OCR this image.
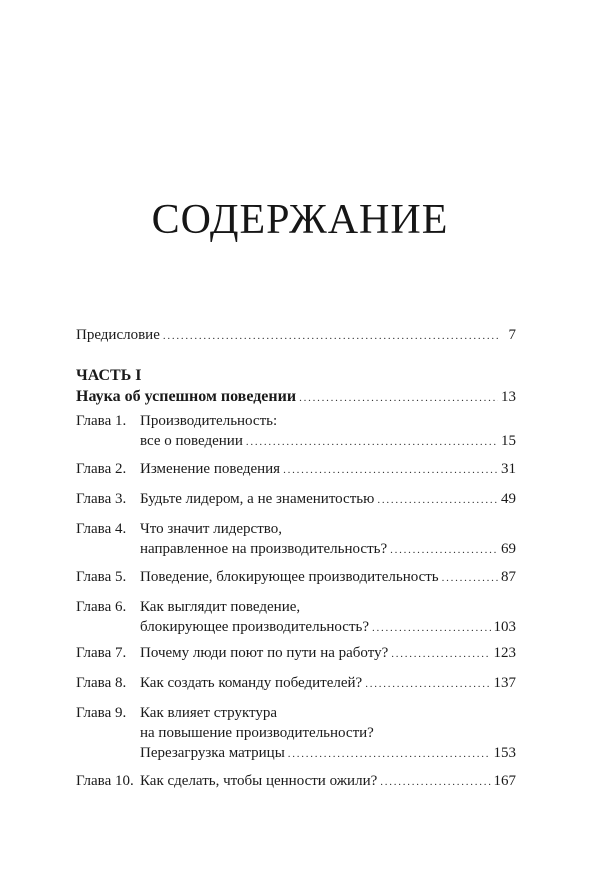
СОДЕРЖАНИЕ
Предисловие . . .	7
ЧАСТЬ I
Наука об успешном поведении . . .	13
Глава 1. Производительность:
все о поведении . . .	15
Глава 2. Изменение поведения . . .	31
Глава 3. Будьте лидером, а не знаменитостью . . .	49
Глава 4. Что значит лидерство,
направленное на производительность? . . .	69
Глава 5. Поведение, блокирующее производительность . . .	87
Глава 6. Как выглядит поведение,
блокирующее производительность? . . .	103
Глава 7. Почему люди поют по пути на работу? . . .	123
Глава 8. Как создать команду победителей? . . .	137
Глава 9. Как влияет структура
на повышение производительности?
Перезагрузка матрицы . . .	153
Глава 10. Как сделать, чтобы ценности ожили? . . .	167
